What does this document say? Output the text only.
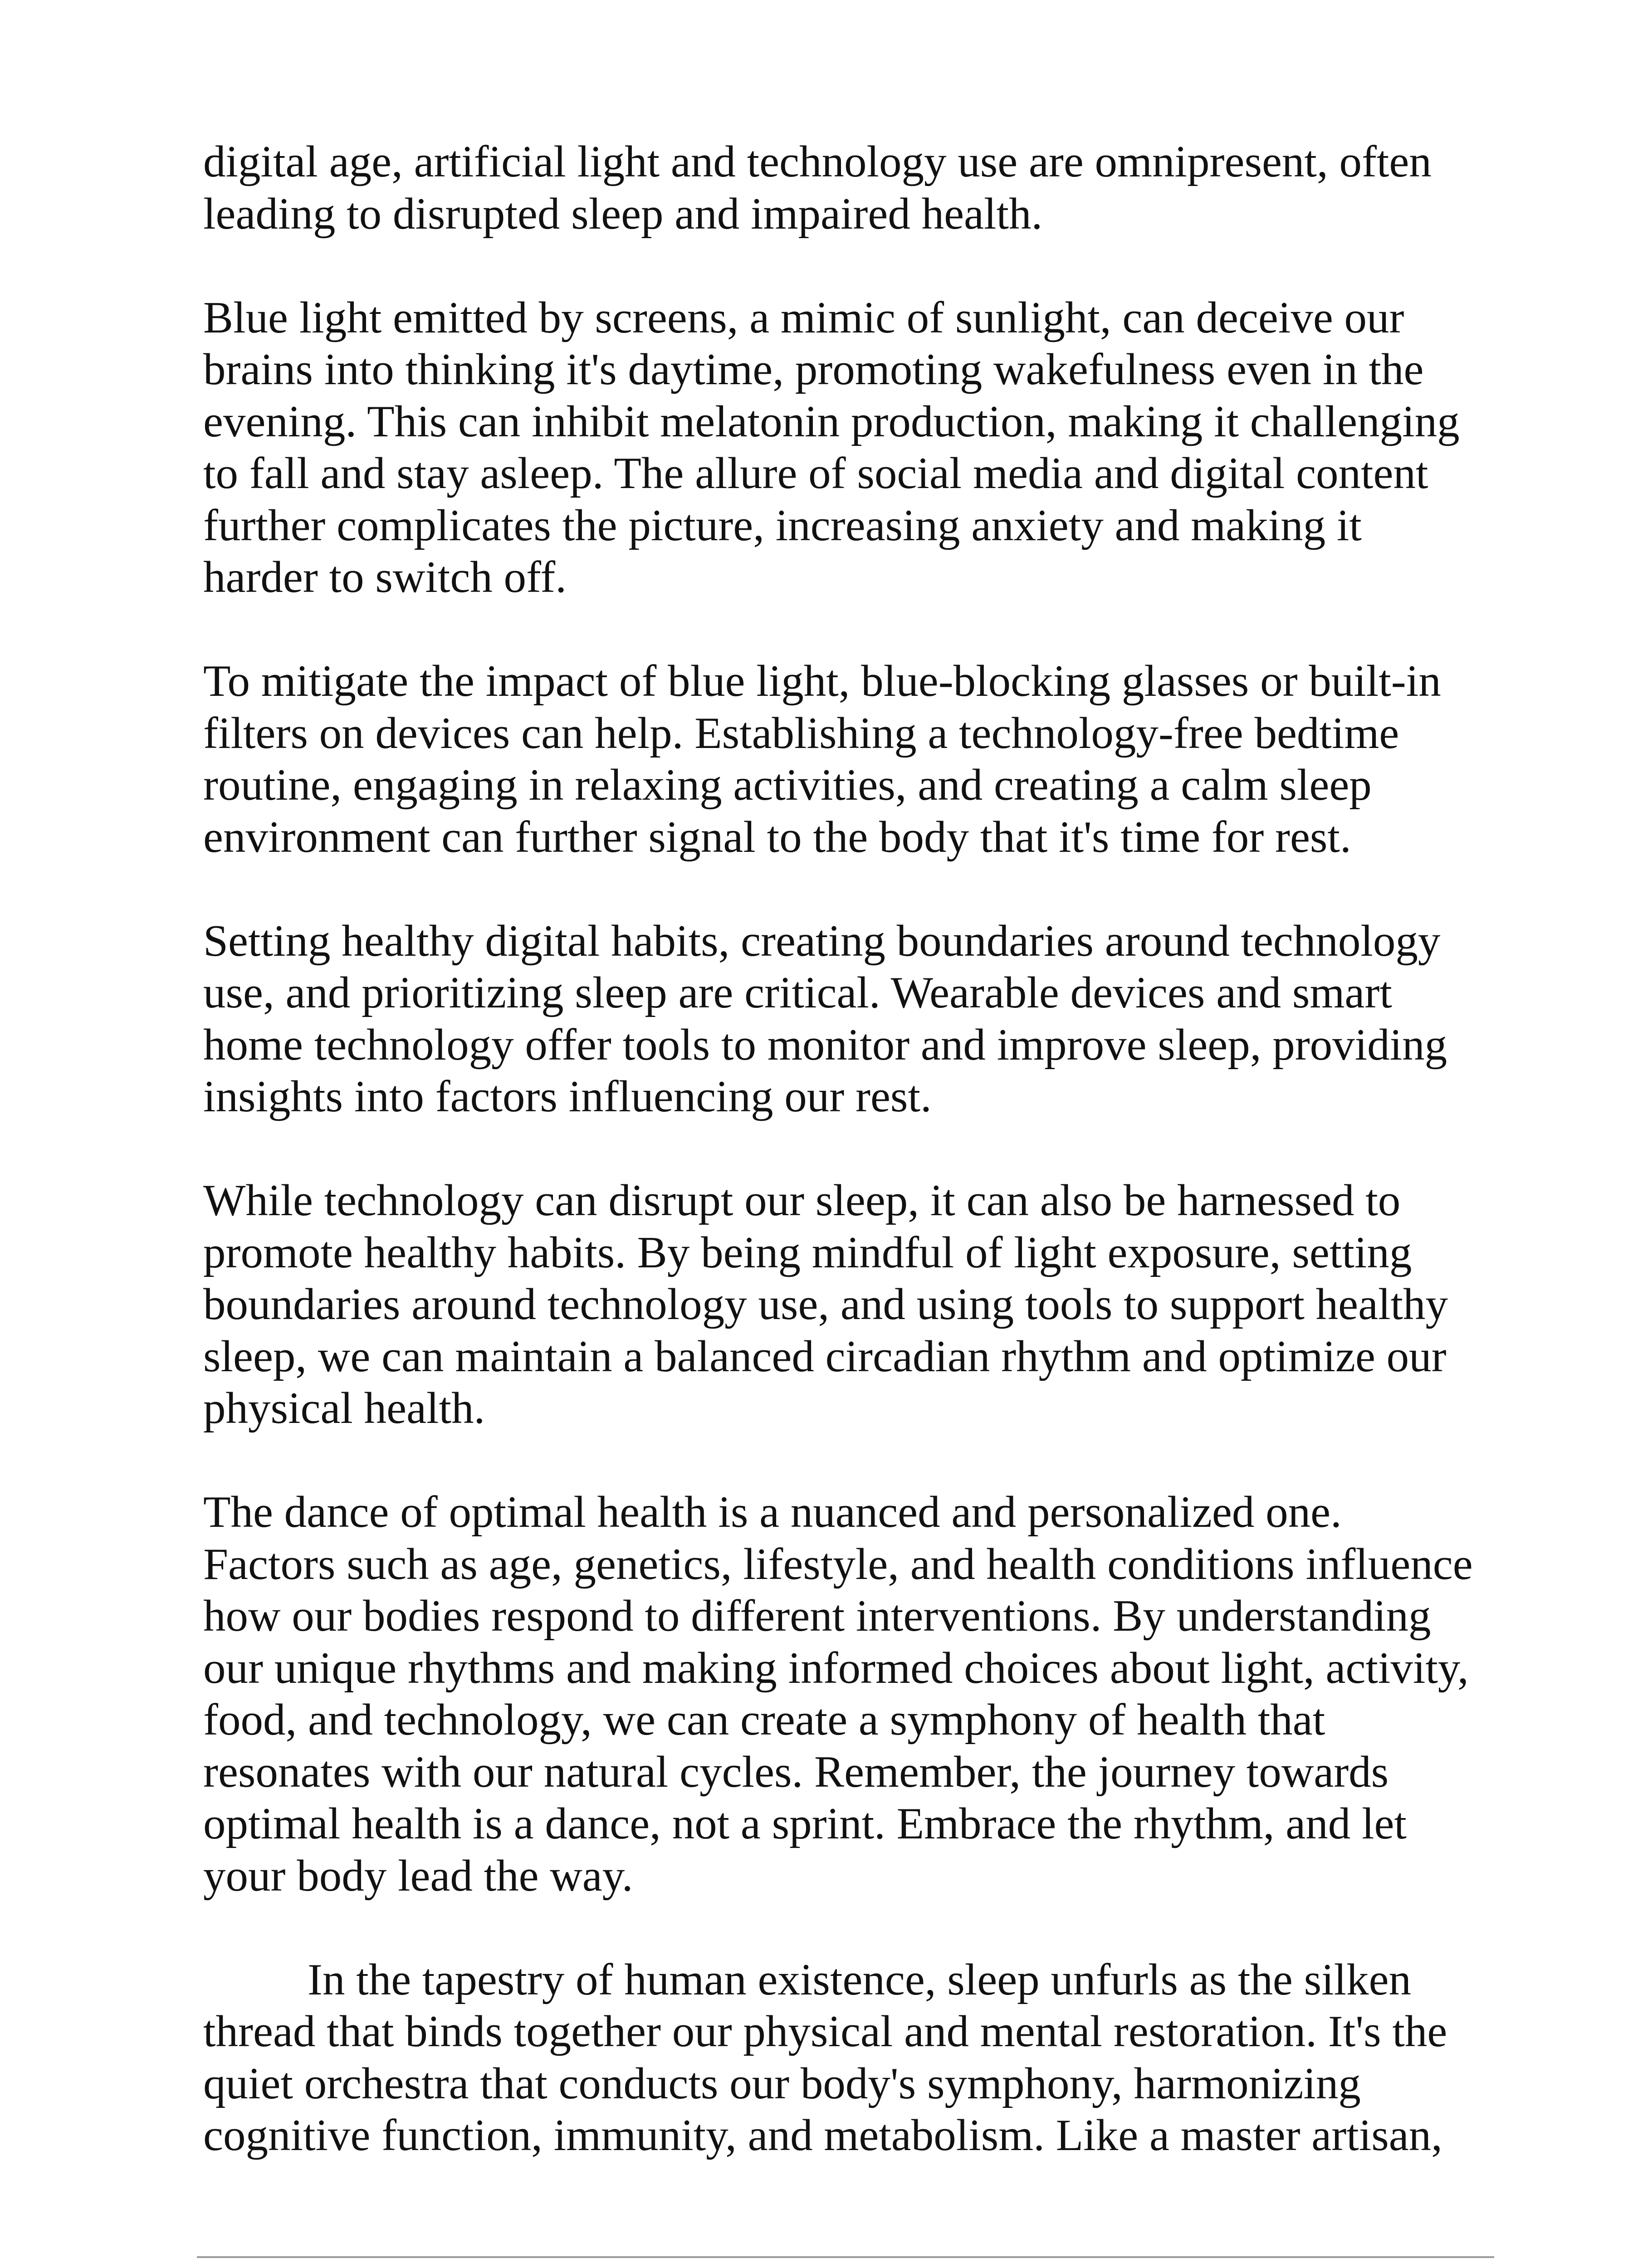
digital age, artificial light and technology use are omnipresent, often
leading to disrupted sleep and impaired health.

Blue light emitted by screens, a mimic of sunlight, can deceive our
brains into thinking it's daytime, promoting wakefulness even in the
evening. This can inhibit melatonin production, making it challenging
to fall and stay asleep. The allure of social media and digital content
further complicates the picture, increasing anxiety and making it
harder to switch off.

To mitigate the impact of blue light, blue-blocking glasses or built-in
filters on devices can help. Establishing a technology-free bedtime
routine, engaging in relaxing activities, and creating a calm sleep
environment can further signal to the body that it's time for rest.

Setting healthy digital habits, creating boundaries around technology
use, and prioritizing sleep are critical. Wearable devices and smart
home technology offer tools to monitor and improve sleep, providing
insights into factors influencing our rest.

While technology can disrupt our sleep, it can also be harnessed to
promote healthy habits. By being mindful of light exposure, setting
boundaries around technology use, and using tools to support healthy
sleep, we can maintain a balanced circadian rhythm and optimize our
physical health.

The dance of optimal health is a nuanced and personalized one.
Factors such as age, genetics, lifestyle, and health conditions influence
how our bodies respond to different interventions. By understanding
our unique rhythms and making informed choices about light, activity,
food, and technology, we can create a symphony of health that
resonates with our natural cycles. Remember, the journey towards
optimal health is a dance, not a sprint. Embrace the rhythm, and let
your body lead the way.

In the tapestry of human existence, sleep unfurls as the silken
thread that binds together our physical and mental restoration. It's the
quiet orchestra that conducts our body's symphony, harmonizing
cognitive function, immunity, and metabolism. Like a master artisan,
